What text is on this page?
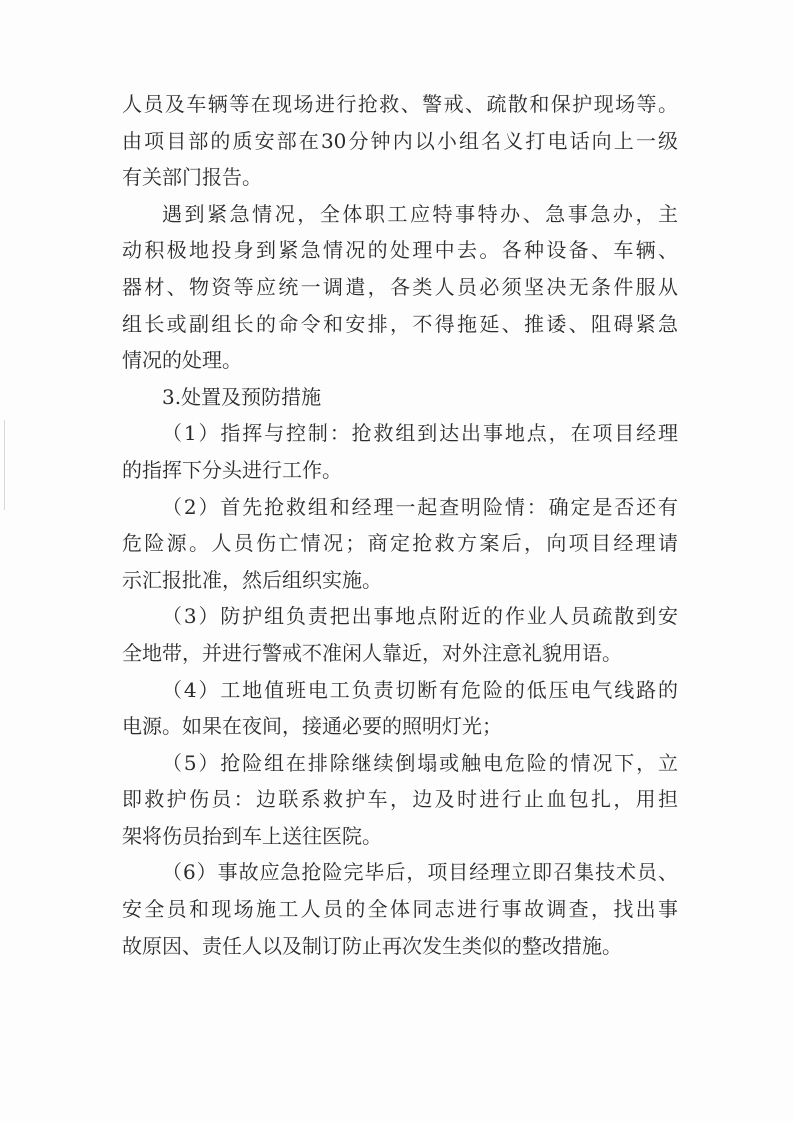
人员及车辆等在现场进行抢救、警戒、疏散和保护现场等。
由项目部的质安部在30分钟内以小组名义打电话向上一级
有关部门报告。
遇到紧急情况，全体职工应特事特办、急事急办，主
动积极地投身到紧急情况的处理中去。各种设备、车辆、
器材、物资等应统一调遣，各类人员必须坚决无条件服从
组长或副组长的命令和安排，不得拖延、推诿、阻碍紧急
情况的处理。
3.处置及预防措施
（1）指挥与控制：抢救组到达出事地点，在项目经理
的指挥下分头进行工作。
（2）首先抢救组和经理一起查明险情：确定是否还有
危险源。人员伤亡情况；商定抢救方案后，向项目经理请
示汇报批准，然后组织实施。
（3）防护组负责把出事地点附近的作业人员疏散到安
全地带，并进行警戒不准闲人靠近，对外注意礼貌用语。
（4）工地值班电工负责切断有危险的低压电气线路的
电源。如果在夜间，接通必要的照明灯光；
（5）抢险组在排除继续倒塌或触电危险的情况下，立
即救护伤员：边联系救护车，边及时进行止血包扎，用担
架将伤员抬到车上送往医院。
（6）事故应急抢险完毕后，项目经理立即召集技术员、
安全员和现场施工人员的全体同志进行事故调查，找出事
故原因、责任人以及制订防止再次发生类似的整改措施。
